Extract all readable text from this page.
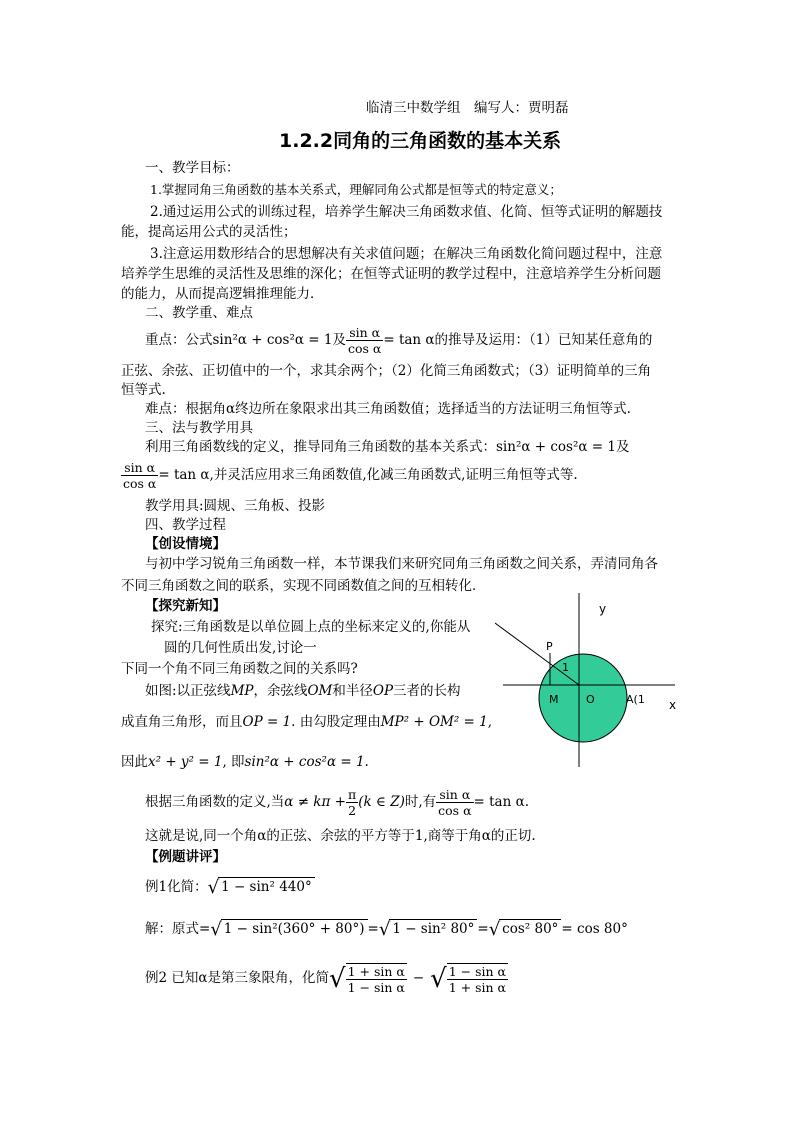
临清三中数学组　编写人：贾明磊
1.2.2同角的三角函数的基本关系
一、教学目标：
1.掌握同角三角函数的基本关系式，理解同角公式都是恒等式的特定意义；
2.通过运用公式的训练过程，培养学生解决三角函数求值、化简、恒等式证明的解题技
能，提高运用公式的灵活性；
3.注意运用数形结合的思想解决有关求值问题；在解决三角函数化简问题过程中，注意
培养学生思维的灵活性及思维的深化；在恒等式证明的教学过程中，注意培养学生分析问题
的能力，从而提高逻辑推理能力．
二、教学重、难点
重点：公式sin²α + cos²α = 1及 $\frac{\text{sin α}}{\text{cos α}} = \tan \alpha$的推导及运用：（1）已知某任意角的
正弦、余弦、正切值中的一个，求其余两个；（2）化简三角函数式；（3）证明简单的三角
恒等式.
难点：根据角α终边所在象限求出其三角函数值；选择适当的方法证明三角恒等式.
三、法与教学用具
利用三角函数线的定义，推导同角三角函数的基本关系式：sin²α + cos²α = 1及
$\frac{\text{sin α}}{\text{cos α}} = \tan \alpha$,并灵活应用求三角函数值,化减三角函数式,证明三角恒等式等.
教学用具:圆规、三角板、投影
四、教学过程
【创设情境】
与初中学习锐角三角函数一样，本节课我们来研究同角三角函数之间关系，弄清同角各
不同三角函数之间的联系，实现不同函数值之间的互相转化．
【探究新知】
探究:三角函数是以单位圆上点的坐标来定义的,你能从
圆的几何性质出发,讨论一
下同一个角不同三角函数之间的关系吗?
如图:以正弦线MP，余弦线OM和半径OP三者的长构
成直角三角形，而且OP = 1. 由勾股定理由MP² + OM² = 1,
因此x² + y² = 1, 即sin²α + cos²α = 1.
根据三角函数的定义,当$\alpha \ne k\pi + \frac{\pi}{2} (k$ ∈ Z)时,有 $\frac{\text{sin α}}{\text{cos α}} = \tan \alpha$.
这就是说,同一个角α的正弦、余弦的平方等于1,商等于角α的正切.
【例题讲评】
例1化简：√ 1 − sin² 440°
解：原式=√ 1 − sin²(360° + 80°) =√ 1 − sin² 80° =√ cos² 80° = cos 80°
例2 已知α是第三象限角，化简√ $\frac{\text{1 + sin α}}{\text{1 − sin α}}$ − √ $\frac{\text{1 − sin α}}{\text{1 + sin α}}$
y
x
P
1
M	O	A(1
